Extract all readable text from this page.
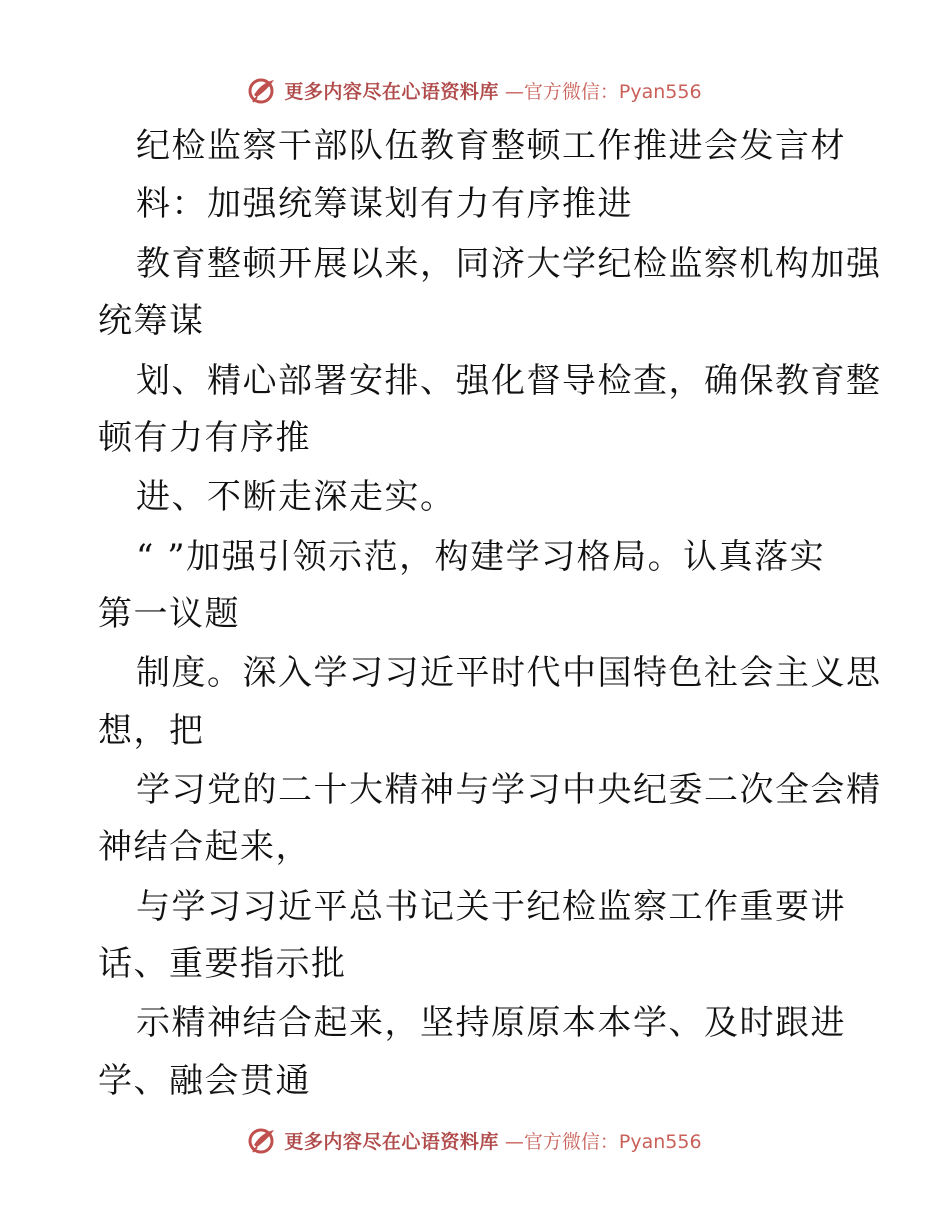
更多内容尽在心语资料库 —官方微信：Pyan556
纪检监察干部队伍教育整顿工作推进会发言材
料：加强统筹谋划有力有序推进
教育整顿开展以来，同济大学纪检监察机构加强
统筹谋
划、精心部署安排、强化督导检查，确保教育整
顿有力有序推
进、不断走深走实。
“ ”加强引领示范，构建学习格局。认真落实
第一议题
制度。深入学习习近平时代中国特色社会主义思
想，把
学习党的二十大精神与学习中央纪委二次全会精
神结合起来，
与学习习近平总书记关于纪检监察工作重要讲
话、重要指示批
示精神结合起来，坚持原原本本学、及时跟进
学、融会贯通
更多内容尽在心语资料库 —官方微信：Pyan556
